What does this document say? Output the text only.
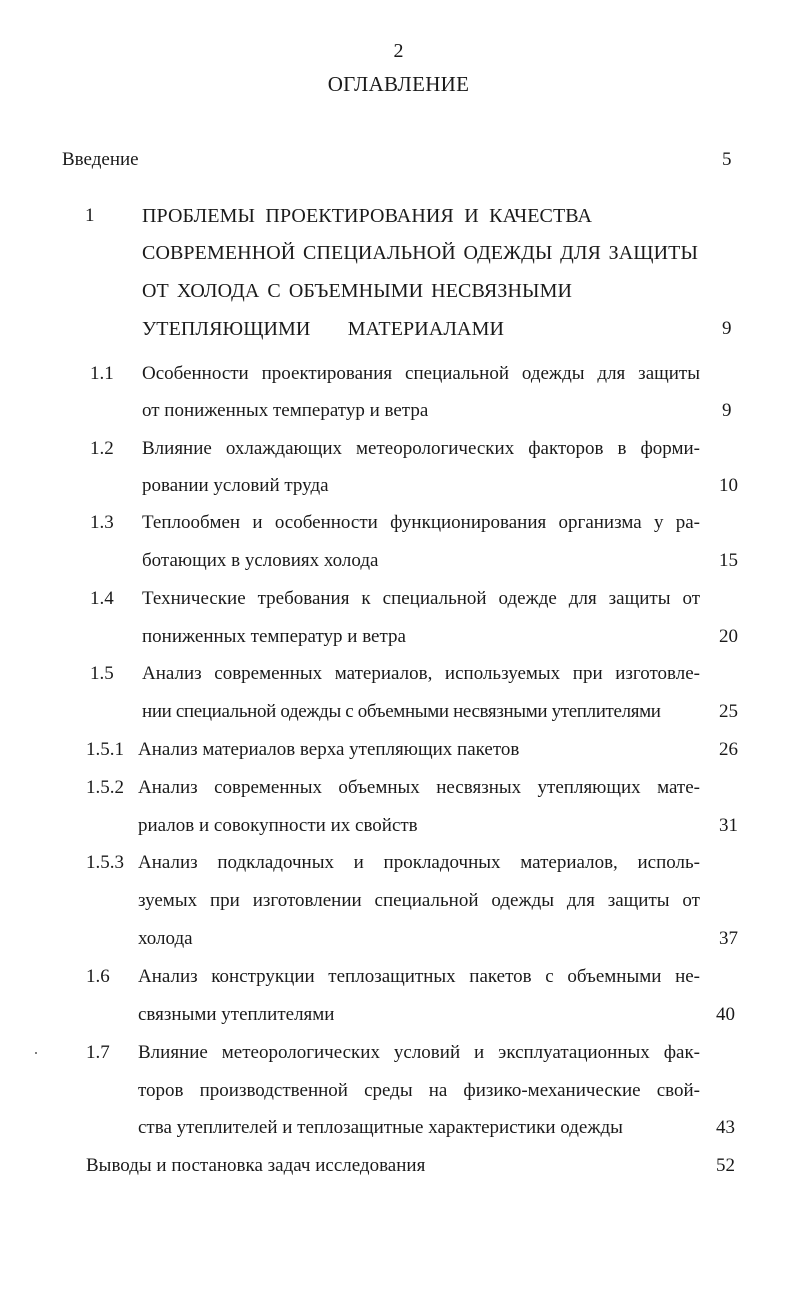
2
ОГЛАВЛЕНИЕ
Введение	5
1 ПРОБЛЕМЫ ПРОЕКТИРОВАНИЯ И КАЧЕСТВА
СОВРЕМЕННОЙ СПЕЦИАЛЬНОЙ ОДЕЖДЫ ДЛЯ ЗАЩИТЫ
ОТ ХОЛОДА С ОБЪЕМНЫМИ НЕСВЯЗНЫМИ
УТЕПЛЯЮЩИМИ МАТЕРИАЛАМИ	9
1.1 Особенности проектирования специальной одежды для защиты
от пониженных температур и ветра	9
1.2 Влияние охлаждающих метеорологических факторов в форми-
ровании условий труда	10
1.3 Теплообмен и особенности функционирования организма у ра-
ботающих в условиях холода	15
1.4 Технические требования к специальной одежде для защиты от
пониженных температур и ветра	20
1.5 Анализ современных материалов, используемых при изготовле-
нии специальной одежды с объемными несвязными утеплителями	25
1.5.1 Анализ материалов верха утепляющих пакетов	26
1.5.2 Анализ современных объемных несвязных утепляющих мате-
риалов и совокупности их свойств	31
1.5.3 Анализ подкладочных и прокладочных материалов, исполь-
зуемых при изготовлении специальной одежды для защиты от
холода	37
1.6 Анализ конструкции теплозащитных пакетов с объемными не-
связными утеплителями	40
1.7 Влияние метеорологических условий и эксплуатационных фак-
торов производственной среды на физико-механические свой-
ства утеплителей и теплозащитные характеристики одежды	43
Выводы и постановка задач исследования	52
